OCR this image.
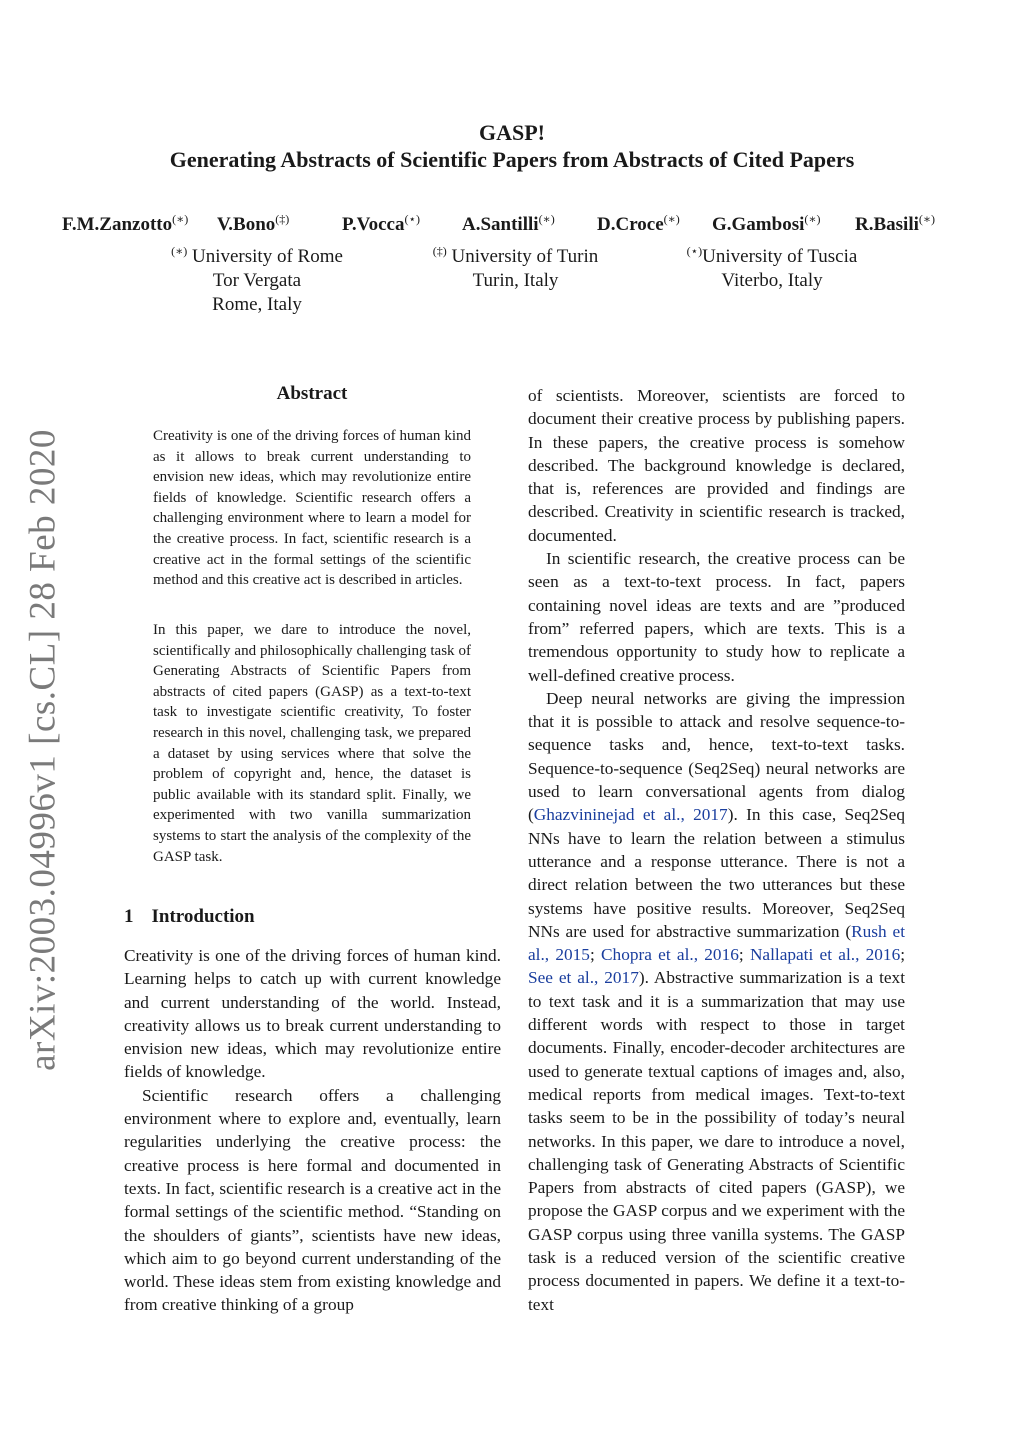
arXiv:2003.04996v1 [cs.CL] 28 Feb 2020
GASP!
Generating Abstracts of Scientific Papers from Abstracts of Cited Papers
F.M.Zanzotto(∗) V.Bono(‡)	P.Vocca(⋆) A.Santilli(∗) D.Croce(∗) G.Gambosi(∗) R.Basili(∗)
(∗) University of Rome
Tor Vergata
Rome, Italy
(‡) University of Turin
Turin, Italy
(⋆)University of Tuscia
Viterbo, Italy
Abstract

Creativity is one of the driving forces of human kind as it allows to break current understanding to envision new ideas, which may revolutionize entire fields of knowledge. Scientific research offers a challenging environment where to learn a model for the creative process. In fact, scientific research is a creative act in the formal settings of the scientific method and this creative act is described in articles.

In this paper, we dare to introduce the novel, scientifically and philosophically challenging task of Generating Abstracts of Scientific Papers from abstracts of cited papers (GASP) as a text-to-text task to investigate scientific creativity, To foster research in this novel, challenging task, we prepared a dataset by using services where that solve the problem of copyright and, hence, the dataset is public available with its standard split. Finally, we experimented with two vanilla summarization systems to start the analysis of the complexity of the GASP task.

1 Introduction

Creativity is one of the driving forces of human kind. Learning helps to catch up with current knowledge and current understanding of the world. Instead, creativity allows us to break current understanding to envision new ideas, which may revolutionize entire fields of knowledge.

Scientific research offers a challenging environment where to explore and, eventually, learn regularities underlying the creative process: the creative process is here formal and documented in texts. In fact, scientific research is a creative act in the formal settings of the scientific method. “Standing on the shoulders of giants”, scientists have new ideas, which aim to go beyond current understanding of the world. These ideas stem from existing knowledge and from creative thinking of a group

of scientists. Moreover, scientists are forced to document their creative process by publishing papers. In these papers, the creative process is somehow described. The background knowledge is declared, that is, references are provided and findings are described. Creativity in scientific research is tracked, documented.

In scientific research, the creative process can be seen as a text-to-text process. In fact, papers containing novel ideas are texts and are ”produced from” referred papers, which are texts. This is a tremendous opportunity to study how to replicate a well-defined creative process.

Deep neural networks are giving the impression that it is possible to attack and resolve sequence-to-sequence tasks and, hence, text-to-text tasks. Sequence-to-sequence (Seq2Seq) neural networks are used to learn conversational agents from dialog (Ghazvininejad et al., 2017). In this case, Seq2Seq NNs have to learn the relation between a stimulus utterance and a response utterance. There is not a direct relation between the two utterances but these systems have positive results. Moreover, Seq2Seq NNs are used for abstractive summarization (Rush et al., 2015; Chopra et al., 2016; Nallapati et al., 2016; See et al., 2017). Abstractive summarization is a text to text task and it is a summarization that may use different words with respect to those in target documents. Finally, encoder-decoder architectures are used to generate textual captions of images and, also, medical reports from medical images. Text-to-text tasks seem to be in the possibility of today’s neural networks. In this paper, we dare to introduce a novel, challenging task of Generating Abstracts of Scientific Papers from abstracts of cited papers (GASP), we propose the GASP corpus and we experiment with the GASP corpus using three vanilla systems. The GASP task is a reduced version of the scientific creative process documented in papers. We define it a text-to-text
